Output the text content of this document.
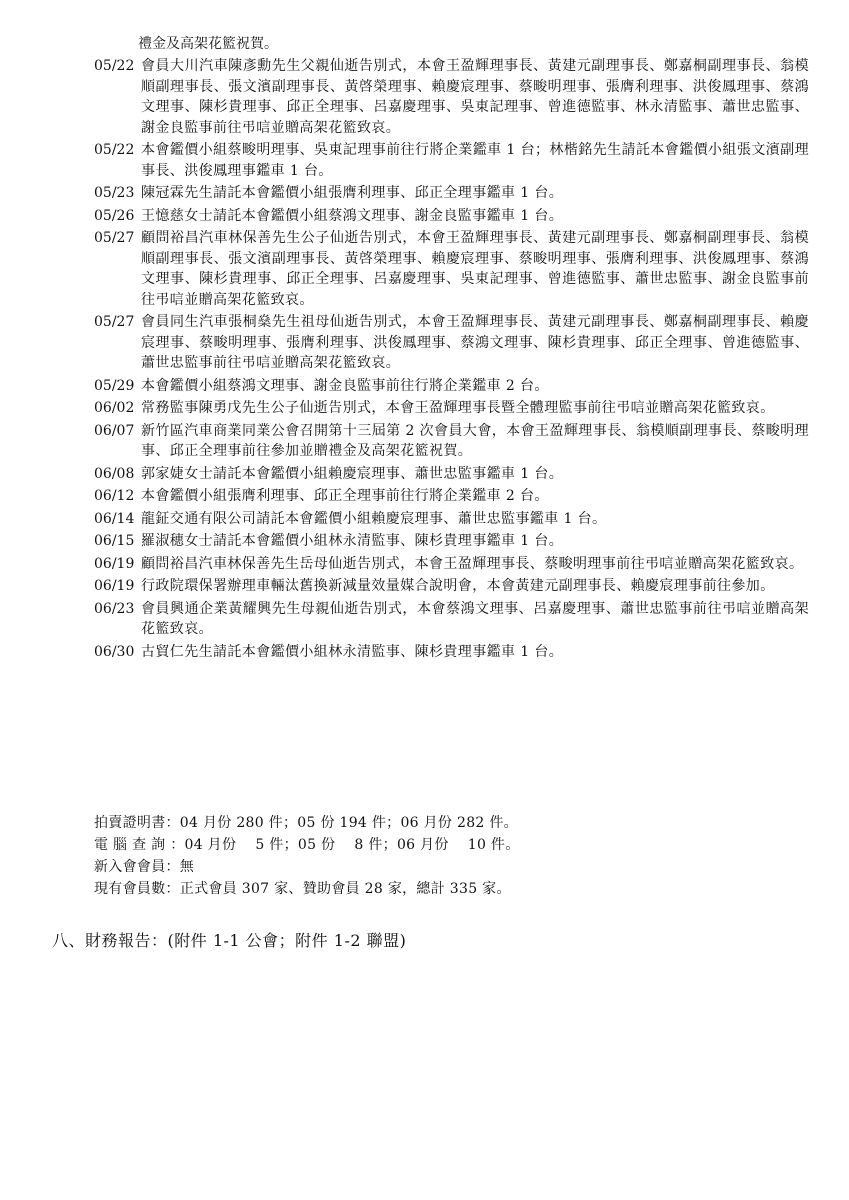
禮金及高架花籃祝賀。
05/22 會員大川汽車陳彥勳先生父親仙逝告別式，本會王盈輝理事長、黃建元副理事長、鄭嘉桐副理事長、翁模順副理事長、張文濱副理事長、黃啓榮理事、賴慶宸理事、蔡畯明理事、張膺利理事、洪俊鳳理事、蔡鴻文理事、陳杉貴理事、邱正全理事、呂嘉慶理事、吳東記理事、曾進德監事、林永清監事、蕭世忠監事、謝金良監事前往弔唁並贈高架花籃致哀。
05/22 本會鑑價小組蔡畯明理事、吳東記理事前往行將企業鑑車 1 台；林楷銘先生請託本會鑑價小組張文濱副理事長、洪俊鳳理事鑑車 1 台。
05/23 陳冠霖先生請託本會鑑價小組張膺利理事、邱正全理事鑑車 1 台。
05/26 王憶慈女士請託本會鑑價小組蔡鴻文理事、謝金良監事鑑車 1 台。
05/27 顧問裕昌汽車林保善先生公子仙逝告別式，本會王盈輝理事長、黃建元副理事長、鄭嘉桐副理事長、翁模順副理事長、張文濱副理事長、黃啓榮理事、賴慶宸理事、蔡畯明理事、張膺利理事、洪俊鳳理事、蔡鴻文理事、陳杉貴理事、邱正全理事、呂嘉慶理事、吳東記理事、曾進德監事、蕭世忠監事、謝金良監事前往弔唁並贈高架花籃致哀。
05/27 會員同生汽車張桐燊先生祖母仙逝告別式，本會王盈輝理事長、黃建元副理事長、鄭嘉桐副理事長、賴慶宸理事、蔡畯明理事、張膺利理事、洪俊鳳理事、蔡鴻文理事、陳杉貴理事、邱正全理事、曾進德監事、蕭世忠監事前往弔唁並贈高架花籃致哀。
05/29 本會鑑價小組蔡鴻文理事、謝金良監事前往行將企業鑑車 2 台。
06/02 常務監事陳勇戊先生公子仙逝告別式，本會王盈輝理事長暨全體理監事前往弔唁並贈高架花籃致哀。
06/07 新竹區汽車商業同業公會召開第十三屆第 2 次會員大會，本會王盈輝理事長、翁模順副理事長、蔡畯明理事、邱正全理事前往參加並贈禮金及高架花籃祝賀。
06/08 郭家婕女士請託本會鑑價小組賴慶宸理事、蕭世忠監事鑑車 1 台。
06/12 本會鑑價小組張膺利理事、邱正全理事前往行將企業鑑車 2 台。
06/14 龍鉦交通有限公司請託本會鑑價小組賴慶宸理事、蕭世忠監事鑑車 1 台。
06/15 羅淑穗女士請託本會鑑價小組林永清監事、陳杉貴理事鑑車 1 台。
06/19 顧問裕昌汽車林保善先生岳母仙逝告別式，本會王盈輝理事長、蔡畯明理事前往弔唁並贈高架花籃致哀。
06/19 行政院環保署辦理車輛汰舊換新減量效量媒合說明會，本會黃建元副理事長、賴慶宸理事前往參加。
06/23 會員興通企業黃耀興先生母親仙逝告別式，本會蔡鴻文理事、呂嘉慶理事、蕭世忠監事前往弔唁並贈高架花籃致哀。
06/30 古貿仁先生請託本會鑑價小組林永清監事、陳杉貴理事鑑車 1 台。
拍賣證明書：04 月份 280 件；05 份 194 件；06 月份 282 件。
電 腦 查 詢 ：04 月份 　5 件；05 份 　8 件；06 月份 　10 件。
新入會會員：無
現有會員數：正式會員 307 家、贊助會員 28 家，總計 335 家。
八、財務報告：(附件 1-1 公會；附件 1-2 聯盟)
